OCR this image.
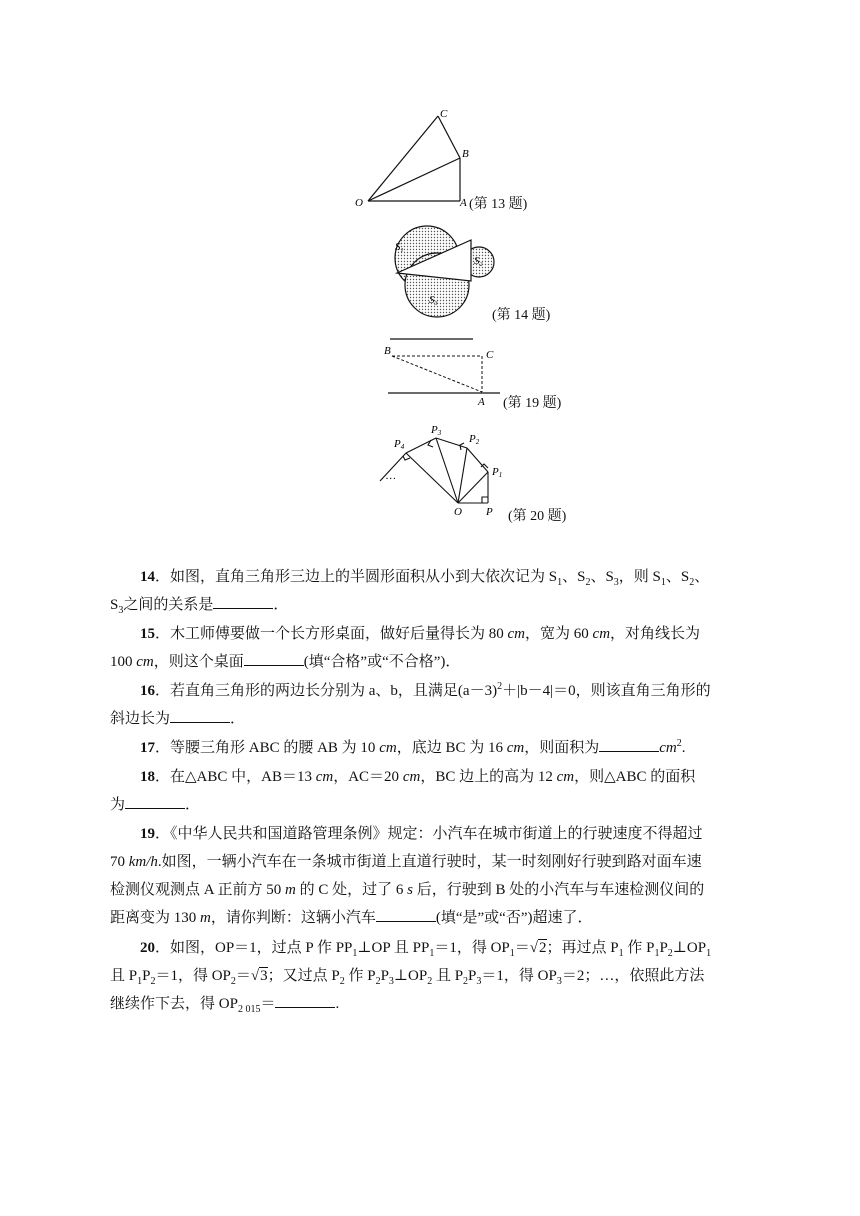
O	A
B
C
(第 13 题)
S1
S2
S3
(第 14 题)
B	C
A (第 19 题)
O P
P1
P2
P3
P4
…
(第 20 题)

14．如图，直角三角形三边上的半圆形面积从小到大依次记为 $S_1$、$S_2$、$S_3$，则 $S_1$、$S_2$、

$S_3$之间的关系是	．

15．木工师傅要做一个长方形桌面，做好后量得长为 80 cm，宽为 60 cm，对角线长为

100 cm，则这个桌面	(填“合格”或“不合格”)．

16．若直角三角形的两边长分别为 a、b，且满足$(a-3)^2+|b-4|=0$，则该直角三角形的

斜边长为	．

17．等腰三角形 ABC 的腰 AB 为 10 cm，底边 BC 为 16 cm，则面积为	$cm^2$.

18．在△ABC 中，AB＝13 cm，AC＝20 cm，BC 边上的高为 12 cm，则△ABC 的面积

为	．

19．《中华人民共和国道路管理条例》规定：小汽车在城市街道上的行驶速度不得超过

70 km/h.如图，一辆小汽车在一条城市街道上直道行驶时，某一时刻刚好行驶到路对面车速

检测仪观测点 A 正前方 50 m 的 C 处，过了 6 s 后，行驶到 B 处的小汽车与车速检测仪间的

距离变为 130 m，请你判断：这辆小汽车	(填“是”或“否”)超速了．

20．如图，OP＝1，过点 P 作 $PP_1\perp OP$ 且 $PP_1=1$，得 $OP_1=√2$；再过点 $P_1$ 作 $P_1P_2\perp OP_1$

且 $P_1P_2=1$，得 $OP_2=√3$；又过点 $P_2$ 作 $P_2P_3\perp OP_2$ 且 $P_2P_3=1$，得 $OP_3=2$；…，依照此方法

继续作下去，得 $OP_{2 015}=$	.
